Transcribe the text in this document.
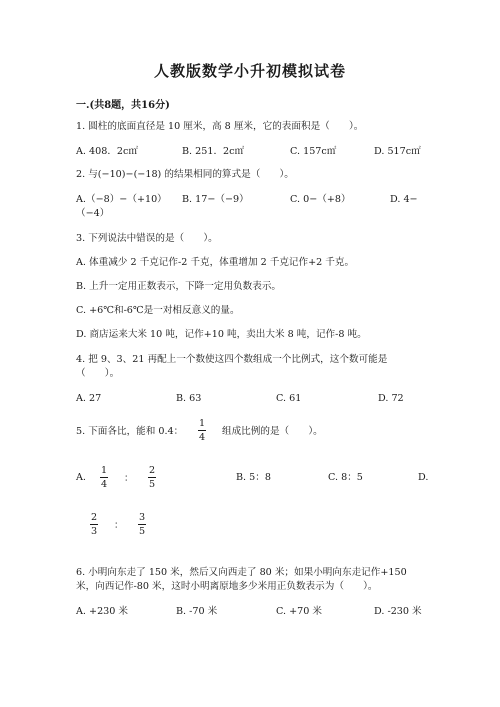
人教版数学小升初模拟试卷
一.(共8题，共16分)
1. 圆柱的底面直径是 10 厘米，高 8 厘米，它的表面积是（　　）。
A. 408．2c㎡	B. 251．2c㎡	C. 157c㎡	D. 517c㎡
2. 与(−10)−(−18) 的结果相同的算式是（　　）。
A.（−8）−（+10） B. 17−（−9）	C. 0−（+8）	D. 4−
（−4）
3. 下列说法中错误的是（　　）。
A. 体重减少 2 千克记作-2 千克，体重增加 2 千克记作+2 千克。
B. 上升一定用正数表示，下降一定用负数表示。
C. +6℃和-6℃是一对相反意义的量。
D. 商店运来大米 10 吨，记作+10 吨，卖出大米 8 吨，记作-8 吨。
4. 把 9、3、21 再配上一个数使这四个数组成一个比例式，这个数可能是
（　　）。
A. 27	B. 63	C. 61	D. 72
5. 下面各比，能和 0.4：
1
4
组成比例的是（　　）。
A.
1
4
：
2
5
B. 5：8	C. 8：5	D.
2
3
：
3
5
6. 小明向东走了 150 米，然后又向西走了 80 米；如果小明向东走记作+150
米，向西记作-80 米，这时小明离原地多少米用正负数表示为（　　）。
A. +230 米	B. -70 米	C. +70 米	D. -230 米
